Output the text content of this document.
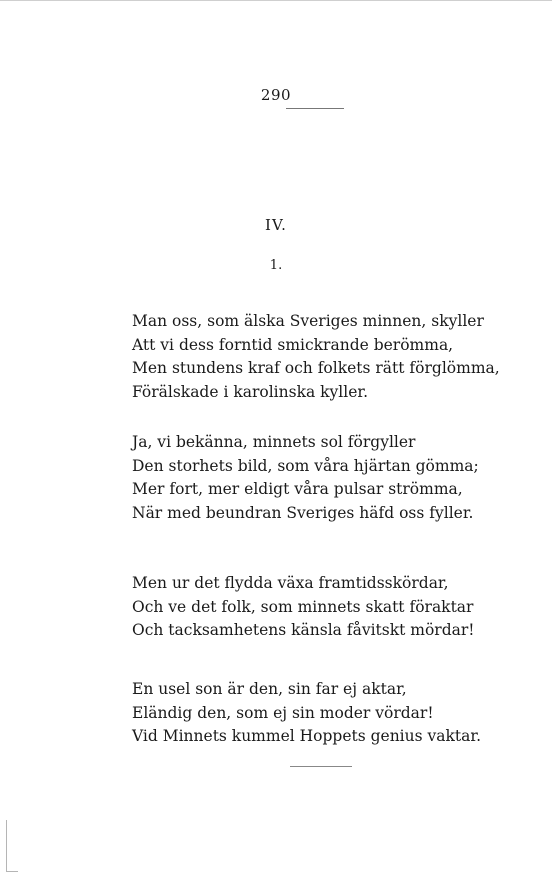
290
IV.
1.
Man oss, som älska Sveriges minnen, skyller
Att vi dess forntid smickrande berömma,
Men stundens kraf och folkets rätt förglömma,
Förälskade i karolinska kyller.
Ja, vi bekänna, minnets sol förgyller
Den storhets bild, som våra hjärtan gömma;
Mer fort, mer eldigt våra pulsar strömma,
När med beundran Sveriges häfd oss fyller.
Men ur det flydda växa framtidsskördar,
Och ve det folk, som minnets skatt föraktar
Och tacksamhetens känsla fåvitskt mördar!
En usel son är den, sin far ej aktar,
Eländig den, som ej sin moder vördar!
Vid Minnets kummel Hoppets genius vaktar.
